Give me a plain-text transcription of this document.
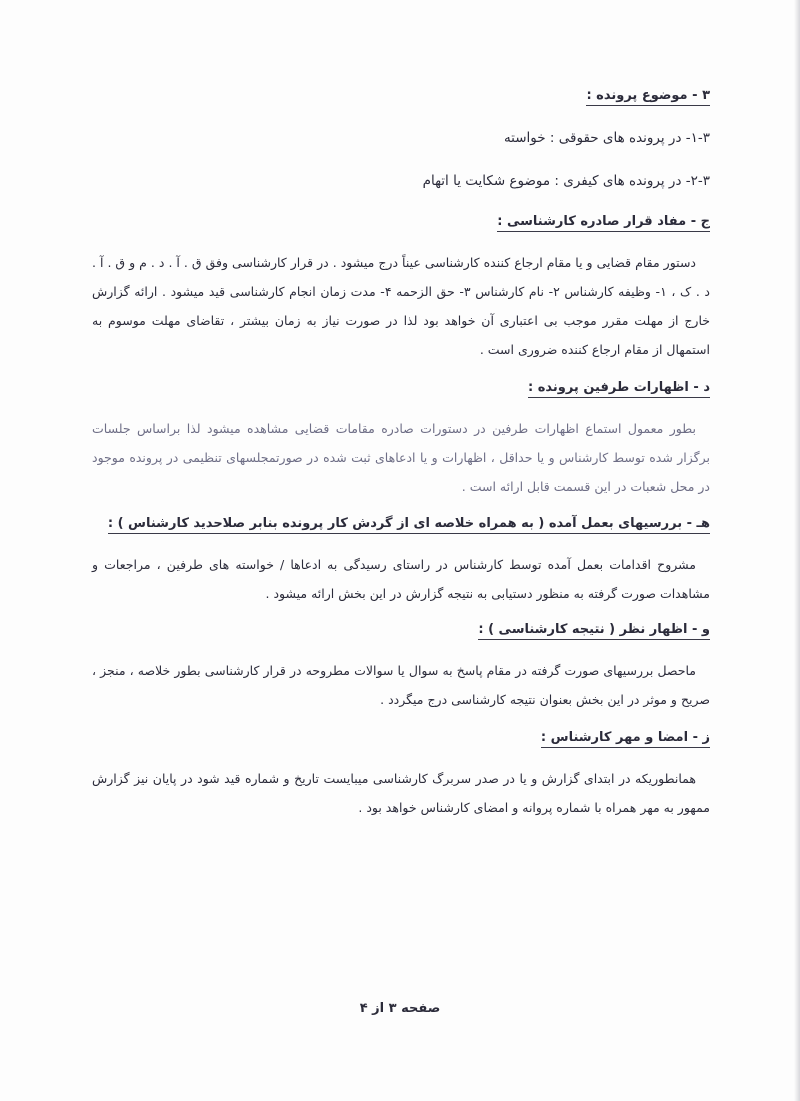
۳ - موضوع پرونده :
۱-۳- در پرونده های حقوقی : خواسته
۲-۳- در پرونده های کیفری : موضوع شکایت یا اتهام
ج - مفاد قرار صادره کارشناسی :

دستور مقام قضایی و یا مقام ارجاع کننده کارشناسی عیناً درج میشود . در قرار کارشناسی وفق ق . آ . د . م و ق . آ . د . ک ، ۱- وظیفه کارشناس ۲- نام کارشناس ۳- حق الزحمه ۴- مدت زمان انجام کارشناسی قید میشود . ارائه گزارش خارج از مهلت مقرر موجب بی اعتباری آن خواهد بود لذا در صورت نیاز به زمان بیشتر ، تقاضای مهلت موسوم به استمهال از مقام ارجاع کننده ضروری است .

د - اظهارات طرفین پرونده :

بطور معمول استماع اظهارات طرفین در دستورات صادره مقامات قضایی مشاهده میشود لذا براساس جلسات برگزار شده توسط کارشناس و یا حداقل ، اظهارات و یا ادعاهای ثبت شده در صورتمجلسهای تنظیمی در پرونده موجود در محل شعبات در این قسمت قابل ارائه است .

هـ - بررسیهای بعمل آمده ( به همراه خلاصه ای از گردش کار پرونده بنابر صلاحدید کارشناس ) :

مشروح اقدامات بعمل آمده توسط کارشناس در راستای رسیدگی به ادعاها / خواسته های طرفین ، مراجعات و مشاهدات صورت گرفته به منظور دستیابی به نتیجه گزارش در این بخش ارائه میشود .

و - اظهار نظر ( نتیجه کارشناسی ) :

ماحصل بررسیهای صورت گرفته در مقام پاسخ به سوال یا سوالات مطروحه در قرار کارشناسی بطور خلاصه ، منجز ، صریح و موثر در این بخش بعنوان نتیجه کارشناسی درج میگردد .

ز - امضا و مهر کارشناس :

همانطوریکه در ابتدای گزارش و یا در صدر سربرگ کارشناسی میبایست تاریخ و شماره قید شود در پایان نیز گزارش ممهور به مهر همراه با شماره پروانه و امضای کارشناس خواهد بود .

صفحه ۳ از ۴
